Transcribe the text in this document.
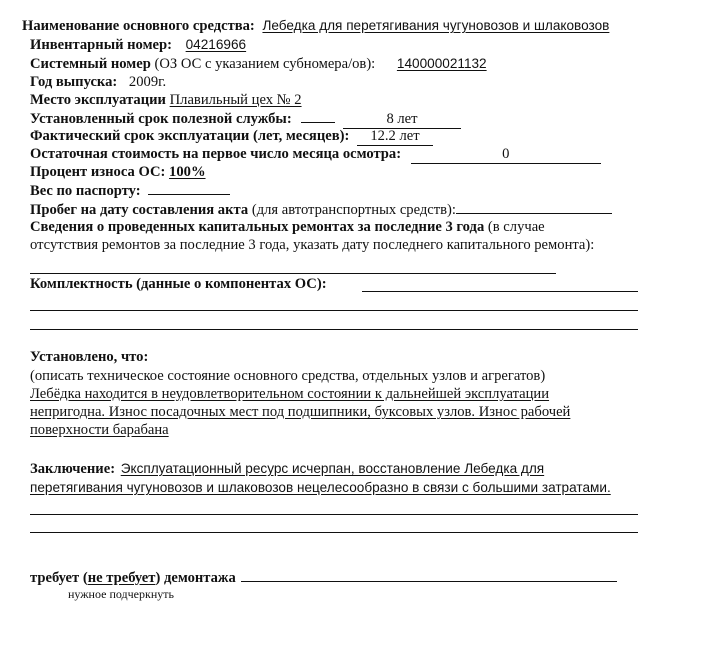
Наименование основного средства: Лебедка для перетягивания чугуновозов и шлаковозов
Инвентарный номер: 04216966
Системный номер (ОЗ ОС с указанием субномера/ов): 140000021132
Год выпуска: 2009г.
Место эксплуатации Плавильный цех № 2
Установленный срок полезной службы:	8 лет
Фактический срок эксплуатации (лет, месяцев): 12.2 лет
Остаточная стоимость на первое число месяца осмотра:	0
Процент износа ОС: 100%
Вес по паспорту:
Пробег на дату составления акта (для автотранспортных средств):
Сведения о проведенных капитальных ремонтах за последние 3 года (в случае
отсутствия ремонтов за последние 3 года, указать дату последнего капитального ремонта):
Комплектность (данные о компонентах ОС):
Установлено, что:
(описать техническое состояние основного средства, отдельных узлов и агрегатов)
Лебёдка находится в неудовлетворительном состоянии к дальнейшей эксплуатации
непригодна. Износ посадочных мест под подшипники, буксовых узлов. Износ рабочей
поверхности барабана
Заключение: Эксплуатационный ресурс исчерпан, восстановление Лебедка для
перетягивания чугуновозов и шлаковозов нецелесообразно в связи с большими затратами.
требует (не требует) демонтажа
нужное подчеркнуть
